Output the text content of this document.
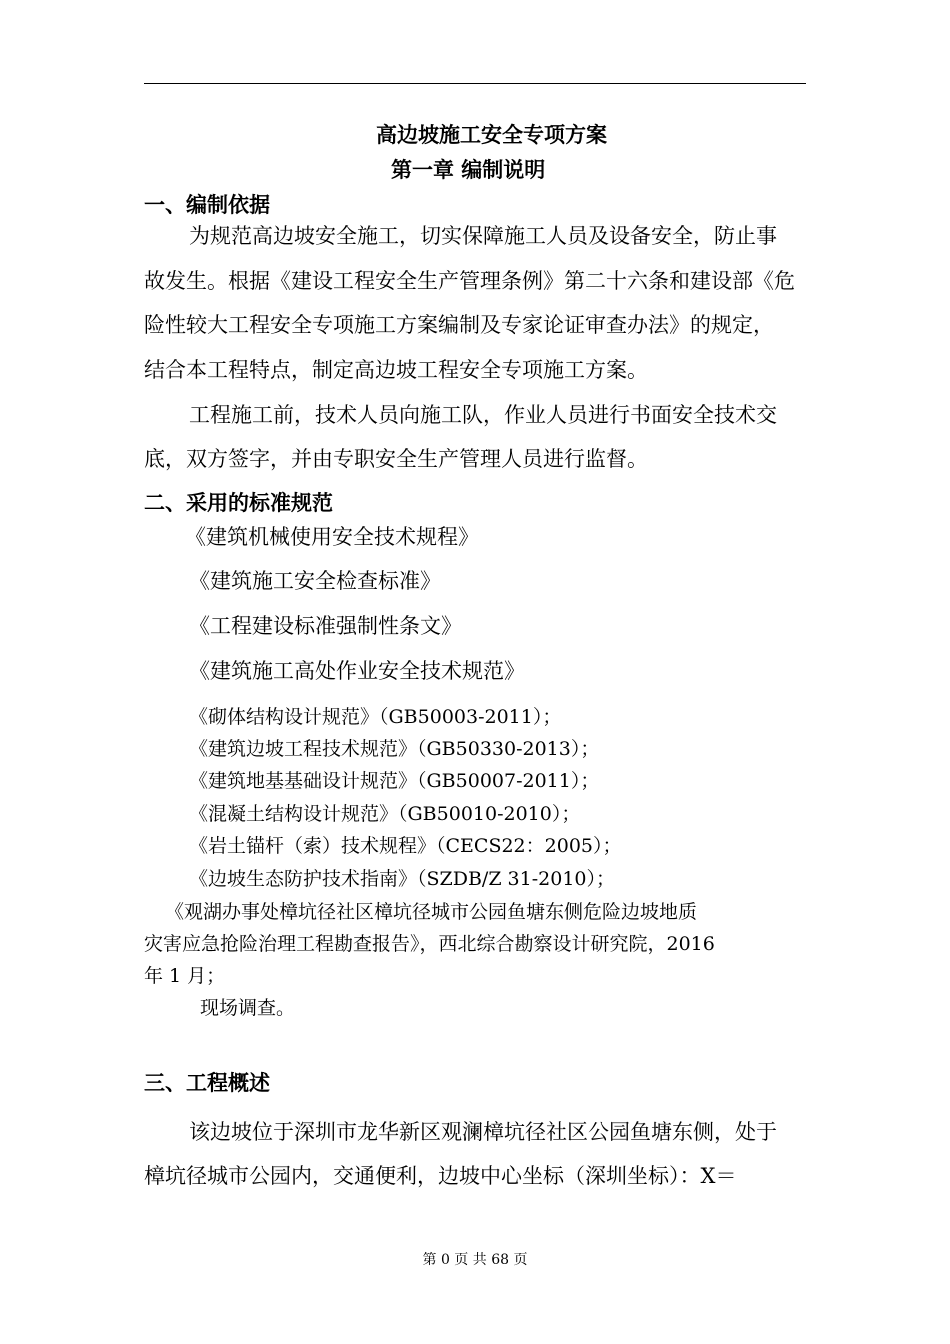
高边坡施工安全专项方案
第一章 编制说明
一、编制依据
为规范高边坡安全施工，切实保障施工人员及设备安全，防止事
故发生。根据《建设工程安全生产管理条例》第二十六条和建设部《危
险性较大工程安全专项施工方案编制及专家论证审查办法》的规定，
结合本工程特点，制定高边坡工程安全专项施工方案。
工程施工前，技术人员向施工队，作业人员进行书面安全技术交
底，双方签字，并由专职安全生产管理人员进行监督。
二、采用的标准规范
《建筑机械使用安全技术规程》
《建筑施工安全检查标准》
《工程建设标准强制性条文》
《建筑施工高处作业安全技术规范》
《砌体结构设计规范》（GB50003-2011）；
《建筑边坡工程技术规范》（GB50330-2013）；
《建筑地基基础设计规范》（GB50007-2011）；
《混凝土结构设计规范》（GB50010-2010）；
《岩土锚杆（索）技术规程》（CECS22：2005）；
《边坡生态防护技术指南》（SZDB/Z 31-2010）；
《观湖办事处樟坑径社区樟坑径城市公园鱼塘东侧危险边坡地质
灾害应急抢险治理工程勘查报告》，西北综合勘察设计研究院，2016
年 1 月；
现场调查。
三、工程概述
该边坡位于深圳市龙华新区观澜樟坑径社区公园鱼塘东侧，处于
樟坑径城市公园内，交通便利，边坡中心坐标（深圳坐标）：X＝
第 0 页 共 68 页
